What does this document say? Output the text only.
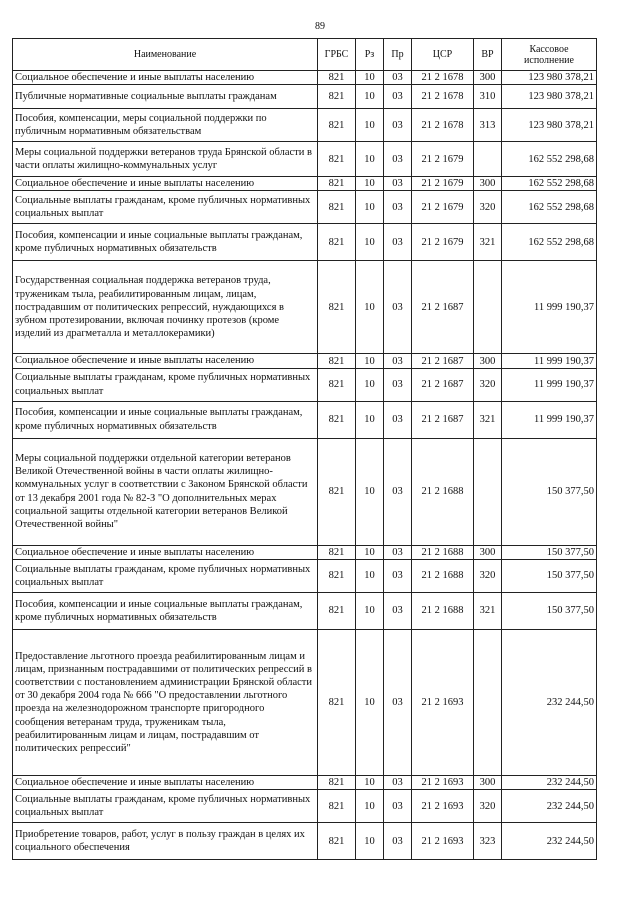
89
Наименование	ГРБС	Рз	Пр	ЦСР	ВР	Кассовое исполнение
Социальное обеспечение и иные выплаты населению	821	10	03	21 2 1678	300	123 980 378,21
Публичные нормативные социальные выплаты гражданам	821	10	03	21 2 1678	310	123 980 378,21
Пособия, компенсации, меры социальной поддержки по публичным нормативным обязательствам	821	10	03	21 2 1678	313	123 980 378,21
Меры социальной поддержки ветеранов труда Брянской области в части оплаты жилищно-коммунальных услуг	821	10	03	21 2 1679		162 552 298,68
Социальное обеспечение и иные выплаты населению	821	10	03	21 2 1679	300	162 552 298,68
Социальные выплаты гражданам, кроме публичных нормативных социальных выплат	821	10	03	21 2 1679	320	162 552 298,68
Пособия, компенсации и иные социальные выплаты гражданам, кроме публичных нормативных обязательств	821	10	03	21 2 1679	321	162 552 298,68
Государственная социальная поддержка ветеранов труда, труженикам тыла, реабилитированным лицам, лицам, пострадавшим от политических репрессий, нуждающихся в зубном протезировании, включая починку протезов (кроме изделий из драгметалла и металлокерамики)	821	10	03	21 2 1687		11 999 190,37
Социальное обеспечение и иные выплаты населению	821	10	03	21 2 1687	300	11 999 190,37
Социальные выплаты гражданам, кроме публичных нормативных социальных выплат	821	10	03	21 2 1687	320	11 999 190,37
Пособия, компенсации и иные социальные выплаты гражданам, кроме публичных нормативных обязательств	821	10	03	21 2 1687	321	11 999 190,37
Меры социальной поддержки отдельной категории ветеранов Великой Отечественной войны в части оплаты жилищно-коммунальных услуг в соответствии с Законом Брянской области от 13 декабря 2001 года № 82-З "О дополнительных мерах социальной защиты отдельной категории ветеранов Великой Отечественной войны"	821	10	03	21 2 1688		150 377,50
Социальное обеспечение и иные выплаты населению	821	10	03	21 2 1688	300	150 377,50
Социальные выплаты гражданам, кроме публичных нормативных социальных выплат	821	10	03	21 2 1688	320	150 377,50
Пособия, компенсации и иные социальные выплаты гражданам, кроме публичных нормативных обязательств	821	10	03	21 2 1688	321	150 377,50
Предоставление льготного проезда реабилитированным лицам и лицам, признанным пострадавшими от политических репрессий в соответствии с постановлением администрации Брянской области от 30 декабря 2004 года № 666 "О предоставлении льготного проезда на железнодорожном транспорте пригородного сообщения ветеранам труда, труженикам тыла, реабилитированным лицам и лицам, пострадавшим от политических репрессий"	821	10	03	21 2 1693		232 244,50
Социальное обеспечение и иные выплаты населению	821	10	03	21 2 1693	300	232 244,50
Социальные выплаты гражданам, кроме публичных нормативных социальных выплат	821	10	03	21 2 1693	320	232 244,50
Приобретение товаров, работ, услуг в пользу граждан в целях их социального обеспечения	821	10	03	21 2 1693	323	232 244,50
